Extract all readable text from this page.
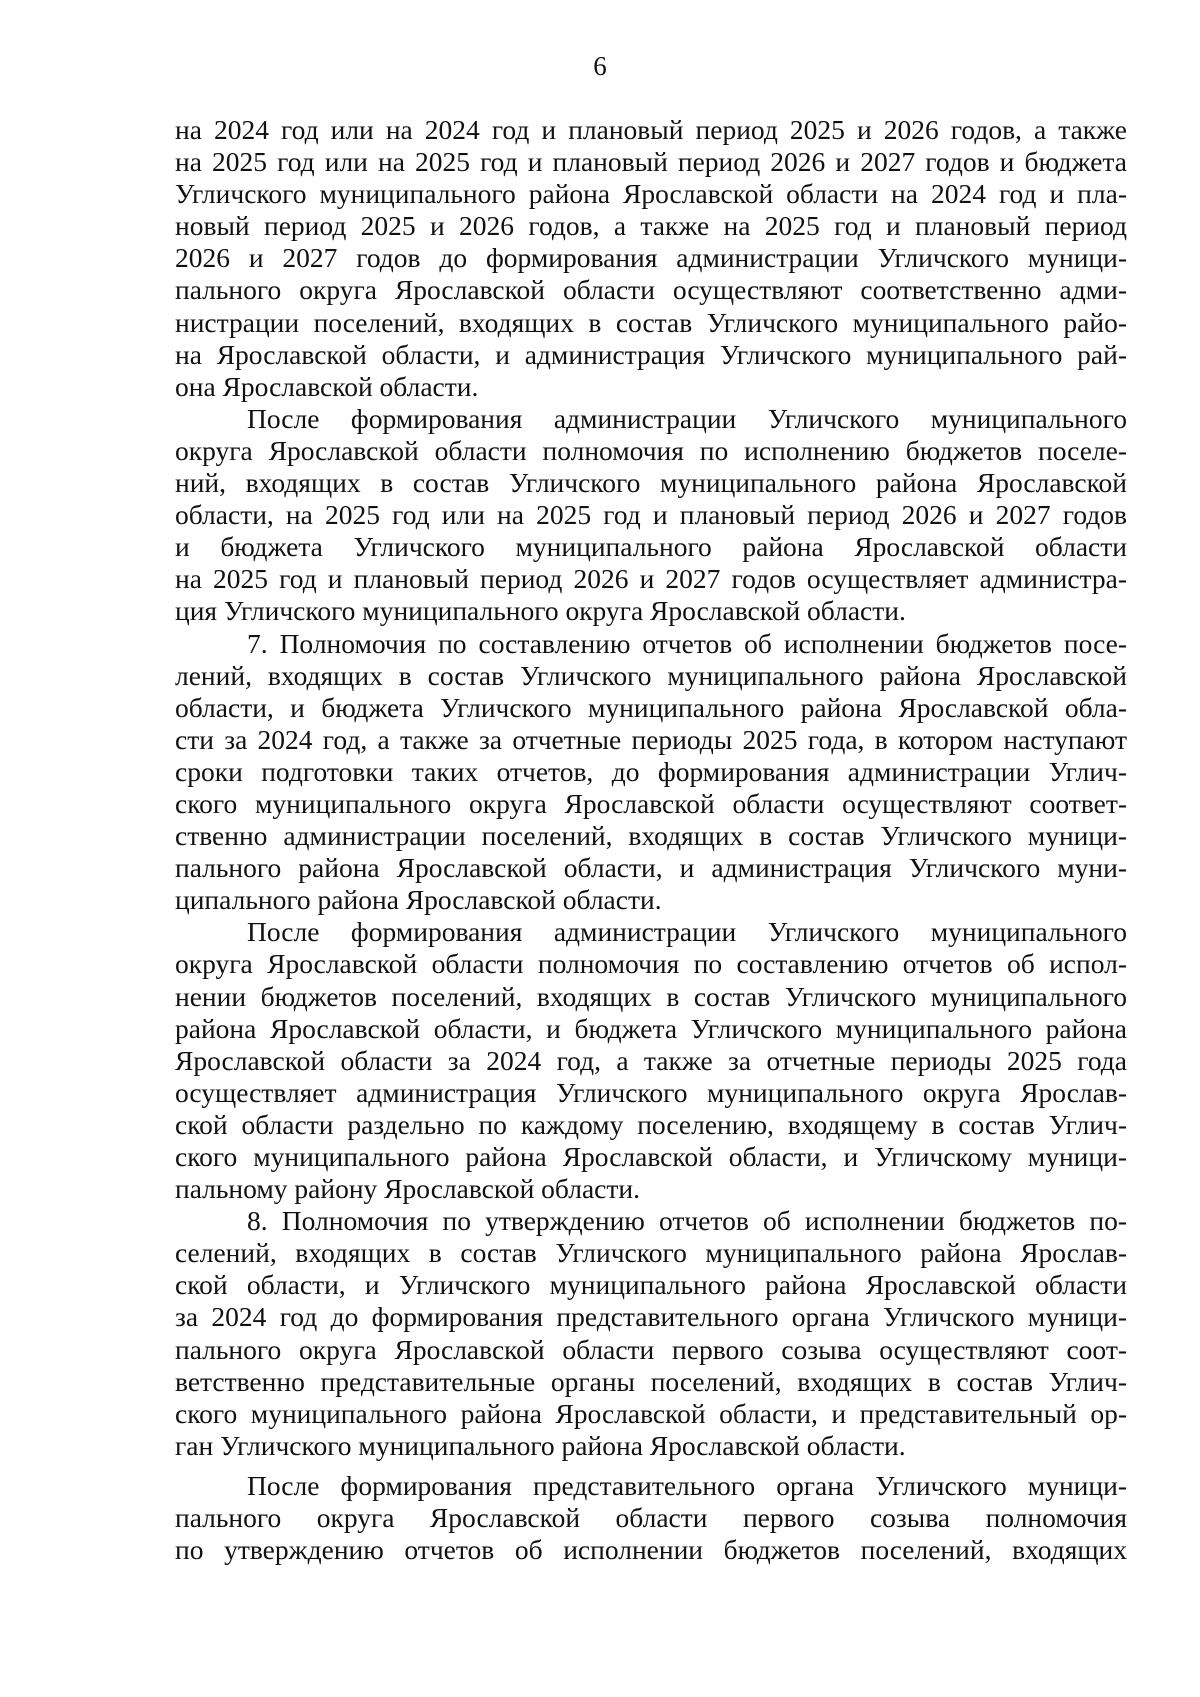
6
на 2024 год или на 2024 год и плановый период 2025 и 2026 годов, а также
на 2025 год или на 2025 год и плановый период 2026 и 2027 годов и бюджета
Угличского муниципального района Ярославской области на 2024 год и пла-
новый период 2025 и 2026 годов, а также на 2025 год и плановый период
2026 и 2027 годов до формирования администрации Угличского муници-
пального округа Ярославской области осуществляют соответственно адми-
нистрации поселений, входящих в состав Угличского муниципального райо-
на Ярославской области, и администрация Угличского муниципального рай-
она Ярославской области.
После формирования администрации Угличского муниципального
округа Ярославской области полномочия по исполнению бюджетов поселе-
ний, входящих в состав Угличского муниципального района Ярославской
области, на 2025 год или на 2025 год и плановый период 2026 и 2027 годов
и бюджета Угличского муниципального района Ярославской области
на 2025 год и плановый период 2026 и 2027 годов осуществляет администра-
ция Угличского муниципального округа Ярославской области.
7. Полномочия по составлению отчетов об исполнении бюджетов посе-
лений, входящих в состав Угличского муниципального района Ярославской
области, и бюджета Угличского муниципального района Ярославской обла-
сти за 2024 год, а также за отчетные периоды 2025 года, в котором наступают
сроки подготовки таких отчетов, до формирования администрации Углич-
ского муниципального округа Ярославской области осуществляют соответ-
ственно администрации поселений, входящих в состав Угличского муници-
пального района Ярославской области, и администрация Угличского муни-
ципального района Ярославской области.
После формирования администрации Угличского муниципального
округа Ярославской области полномочия по составлению отчетов об испол-
нении бюджетов поселений, входящих в состав Угличского муниципального
района Ярославской области, и бюджета Угличского муниципального района
Ярославской области за 2024 год, а также за отчетные периоды 2025 года
осуществляет администрация Угличского муниципального округа Ярослав-
ской области раздельно по каждому поселению, входящему в состав Углич-
ского муниципального района Ярославской области, и Угличскому муници-
пальному району Ярославской области.
8. Полномочия по утверждению отчетов об исполнении бюджетов по-
селений, входящих в состав Угличского муниципального района Ярослав-
ской области, и Угличского муниципального района Ярославской области
за 2024 год до формирования представительного органа Угличского муници-
пального округа Ярославской области первого созыва осуществляют соот-
ветственно представительные органы поселений, входящих в состав Углич-
ского муниципального района Ярославской области, и представительный ор-
ган Угличского муниципального района Ярославской области.
После формирования представительного органа Угличского муници-
пального округа Ярославской области первого созыва полномочия
по утверждению отчетов об исполнении бюджетов поселений, входящих
